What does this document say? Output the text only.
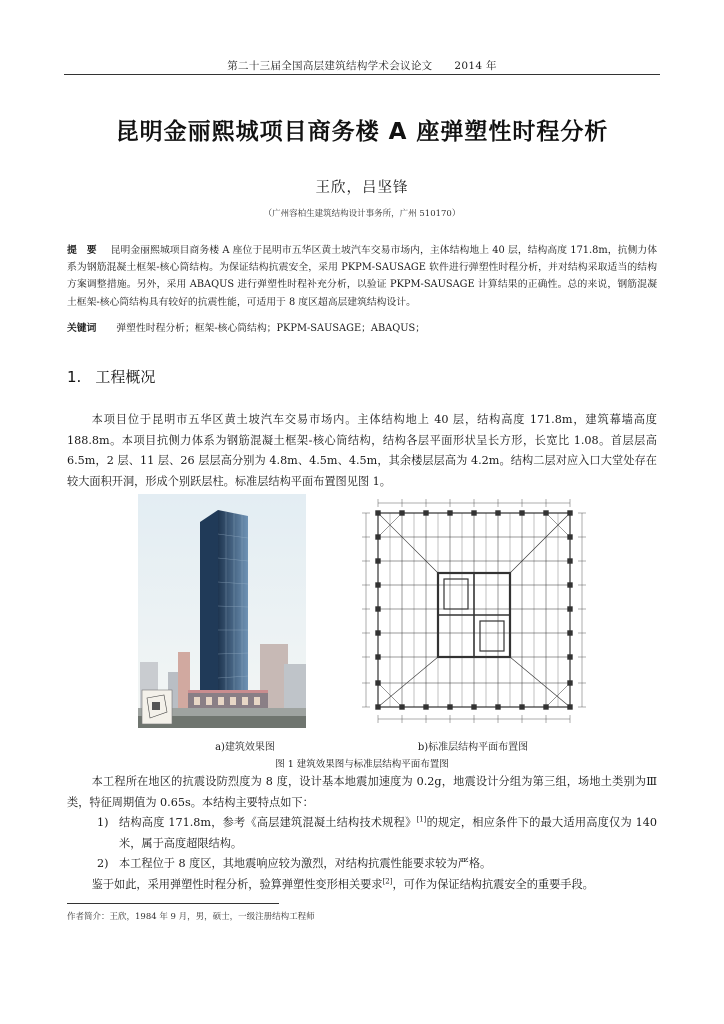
第二十三届全国高层建筑结构学术会议论文 2014 年
昆明金丽熙城项目商务楼 A 座弹塑性时程分析
王欣，吕坚锋
（广州容柏生建筑结构设计事务所，广州 510170）
提　要 昆明金丽熙城项目商务楼 A 座位于昆明市五华区黄土坡汽车交易市场内，主体结构地上 40 层，结构高度 171.8m，抗侧力体系为钢筋混凝土框架-核心筒结构。为保证结构抗震安全，采用 PKPM-SAUSAGE 软件进行弹塑性时程分析，并对结构采取适当的结构方案调整措施。另外，采用 ABAQUS 进行弹塑性时程补充分析，以验证 PKPM-SAUSAGE 计算结果的正确性。总的来说，钢筋混凝土框架-核心筒结构具有较好的抗震性能，可适用于 8 度区超高层建筑结构设计。
关键词 弹塑性时程分析；框架-核心筒结构；PKPM-SAUSAGE；ABAQUS；
1. 工程概况
本项目位于昆明市五华区黄土坡汽车交易市场内。主体结构地上 40 层，结构高度 171.8m，建筑幕墙高度 188.8m。本项目抗侧力体系为钢筋混凝土框架-核心筒结构，结构各层平面形状呈长方形，长宽比 1.08。首层层高 6.5m，2 层、11 层、26 层层高分别为 4.8m、4.5m、4.5m，其余楼层层高为 4.2m。结构二层对应入口大堂处存在较大面积开洞，形成个别跃层柱。标准层结构平面布置图见图 1。
a)建筑效果图	b)标准层结构平面布置图
图 1 建筑效果图与标准层结构平面布置图
本工程所在地区的抗震设防烈度为 8 度，设计基本地震加速度为 0.2g，地震设计分组为第三组，场地土类别为Ⅲ类，特征周期值为 0.65s。本结构主要特点如下：
1) 结构高度 171.8m，参考《高层建筑混凝土结构技术规程》[1]的规定，相应条件下的最大适用高度仅为 140 米，属于高度超限结构。
2) 本工程位于 8 度区，其地震响应较为激烈，对结构抗震性能要求较为严格。
鉴于如此，采用弹塑性时程分析，验算弹塑性变形相关要求[2]，可作为保证结构抗震安全的重要手段。
作者简介：王欣，1984 年 9 月，男，硕士，一级注册结构工程师
